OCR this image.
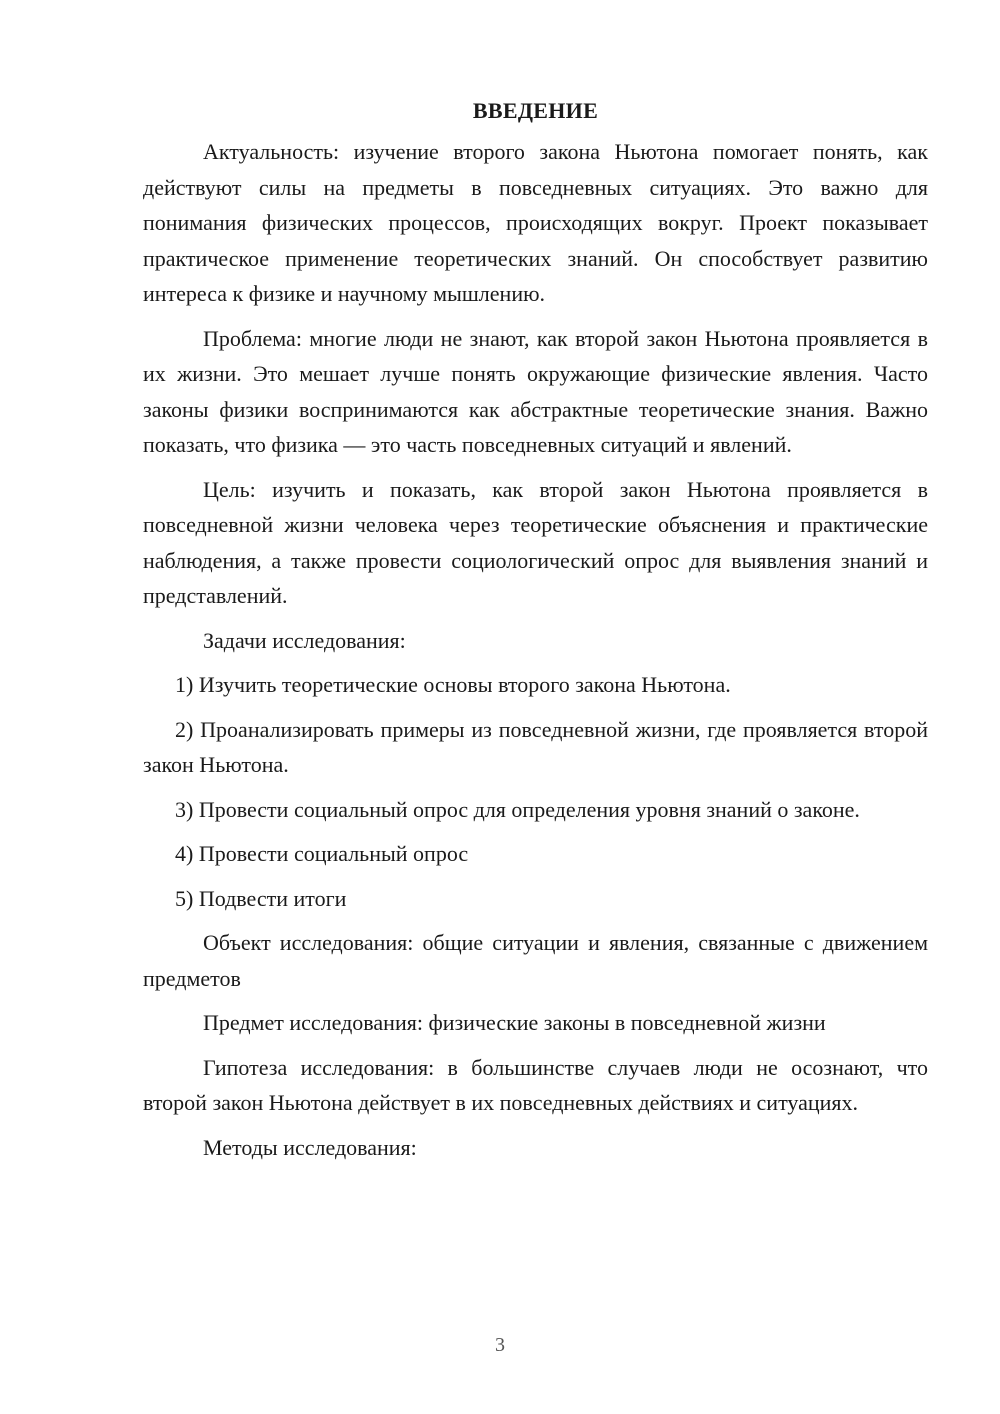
ВВЕДЕНИЕ

Актуальность: изучение второго закона Ньютона помогает понять, как действуют силы на предметы в повседневных ситуациях. Это важно для понимания физических процессов, происходящих вокруг. Проект показывает практическое применение теоретических знаний. Он способствует развитию интереса к физике и научному мышлению.

Проблема: многие люди не знают, как второй закон Ньютона проявляется в их жизни. Это мешает лучше понять окружающие физические явления. Часто законы физики воспринимаются как абстрактные теоретические знания. Важно показать, что физика — это часть повседневных ситуаций и явлений.

Цель: изучить и показать, как второй закон Ньютона проявляется в повседневной жизни человека через теоретические объяснения и практические наблюдения, а также провести социологический опрос для выявления знаний и представлений.

Задачи исследования:

1) Изучить теоретические основы второго закона Ньютона.

2) Проанализировать примеры из повседневной жизни, где проявляется второй закон Ньютона.

3) Провести социальный опрос для определения уровня знаний о законе.

4) Провести социальный опрос

5) Подвести итоги

Объект исследования: общие ситуации и явления, связанные с движением предметов

Предмет исследования: физические законы в повседневной жизни

Гипотеза исследования: в большинстве случаев люди не осознают, что второй закон Ньютона действует в их повседневных действиях и ситуациях.

Методы исследования:

3
